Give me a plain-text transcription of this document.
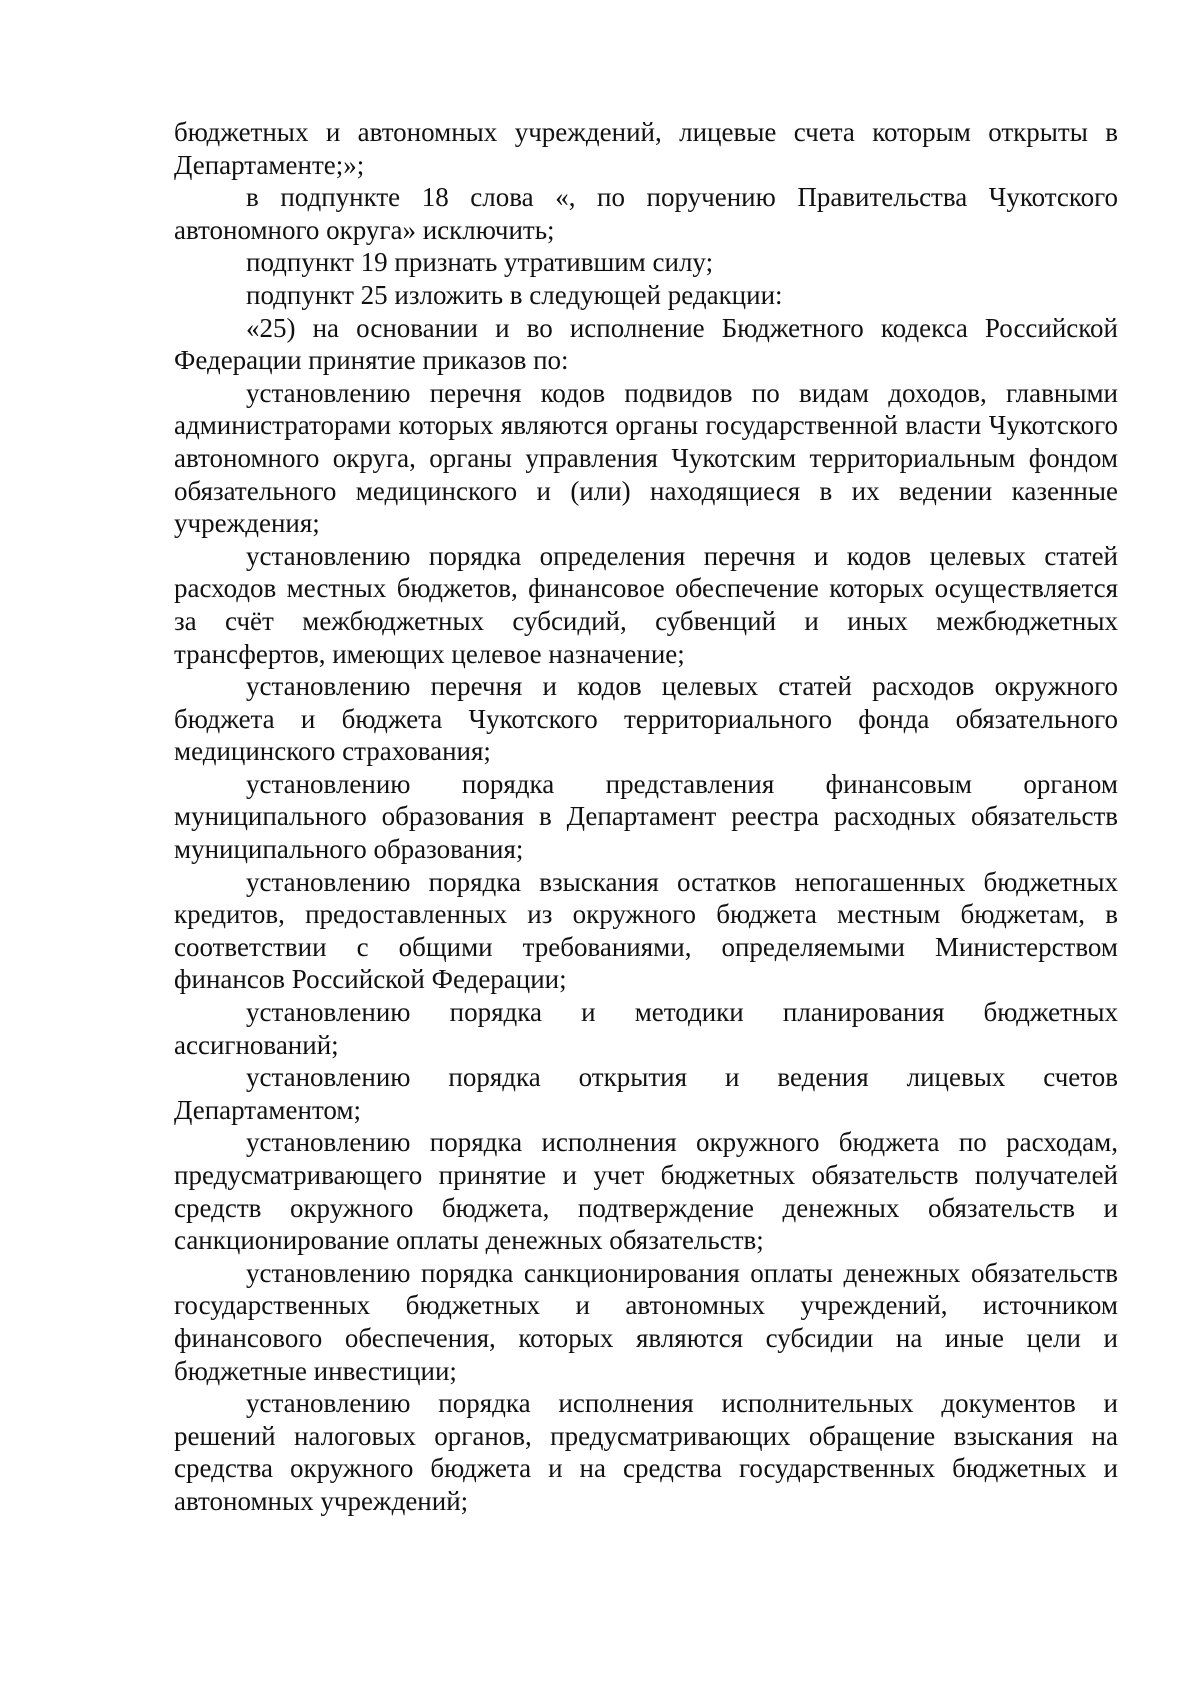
бюджетных и автономных учреждений, лицевые счета которым открыты в Департаменте;»;

в подпункте 18 слова «, по поручению Правительства Чукотского автономного округа» исключить;

подпункт 19 признать утратившим силу;

подпункт 25 изложить в следующей редакции:

«25) на основании и во исполнение Бюджетного кодекса Российской Федерации принятие приказов по:

установлению перечня кодов подвидов по видам доходов, главными администраторами которых являются органы государственной власти Чукотского автономного округа, органы управления Чукотским территориальным фондом обязательного медицинского и (или) находящиеся в их ведении казенные учреждения;

установлению порядка определения перечня и кодов целевых статей расходов местных бюджетов, финансовое обеспечение которых осуществляется за счёт межбюджетных субсидий, субвенций и иных межбюджетных трансфертов, имеющих целевое назначение;

установлению перечня и кодов целевых статей расходов окружного бюджета и бюджета Чукотского территориального фонда обязательного медицинского страхования;

установлению порядка представления финансовым органом муниципального образования в Департамент реестра расходных обязательств муниципального образования;

установлению порядка взыскания остатков непогашенных бюджетных кредитов, предоставленных из окружного бюджета местным бюджетам, в соответствии с общими требованиями, определяемыми Министерством финансов Российской Федерации;

установлению порядка и методики планирования бюджетных ассигнований;

установлению порядка открытия и ведения лицевых счетов Департаментом;

установлению порядка исполнения окружного бюджета по расходам, предусматривающего принятие и учет бюджетных обязательств получателей средств окружного бюджета, подтверждение денежных обязательств и санкционирование оплаты денежных обязательств;

установлению порядка санкционирования оплаты денежных обязательств государственных бюджетных и автономных учреждений, источником финансового обеспечения, которых являются субсидии на иные цели и бюджетные инвестиции;

установлению порядка исполнения исполнительных документов и решений налоговых органов, предусматривающих обращение взыскания на средства окружного бюджета и на средства государственных бюджетных и автономных учреждений;
